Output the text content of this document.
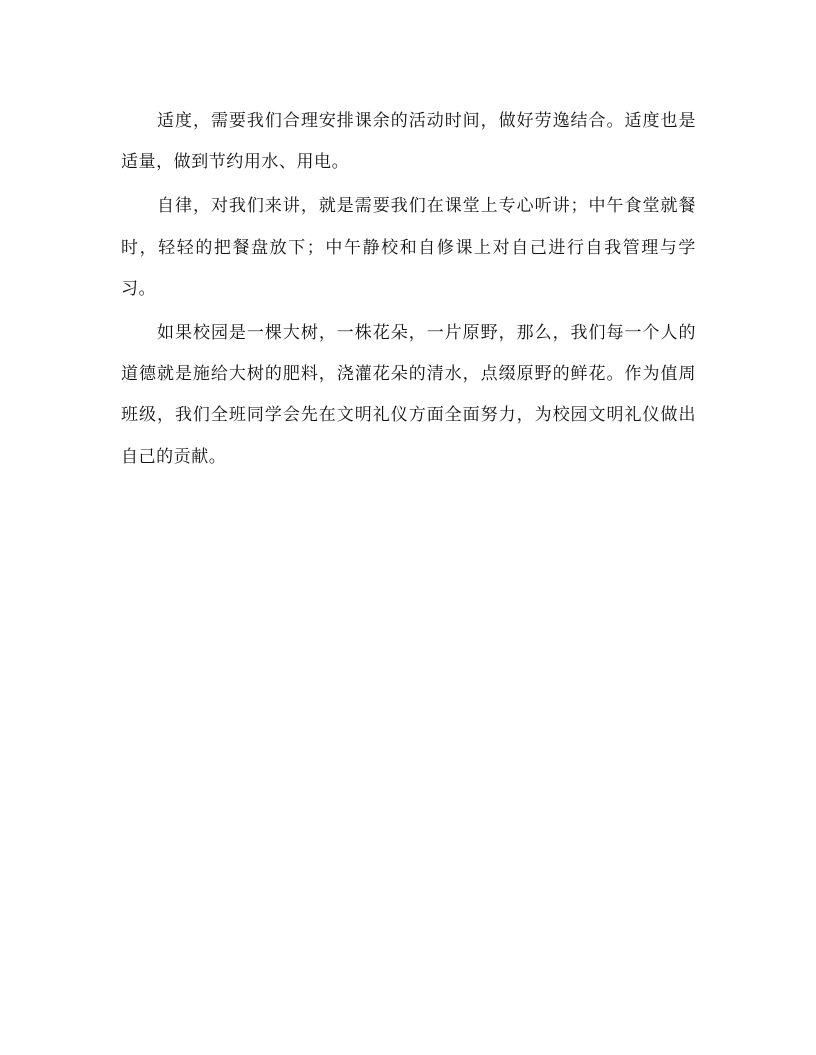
适度，需要我们合理安排课余的活动时间，做好劳逸结合。适度也是适量，做到节约用水、用电。

自律，对我们来讲，就是需要我们在课堂上专心听讲；中午食堂就餐时，轻轻的把餐盘放下；中午静校和自修课上对自己进行自我管理与学习。

如果校园是一棵大树，一株花朵，一片原野，那么，我们每一个人的道德就是施给大树的肥料，浇灌花朵的清水，点缀原野的鲜花。作为值周班级，我们全班同学会先在文明礼仪方面全面努力，为校园文明礼仪做出自己的贡献。
